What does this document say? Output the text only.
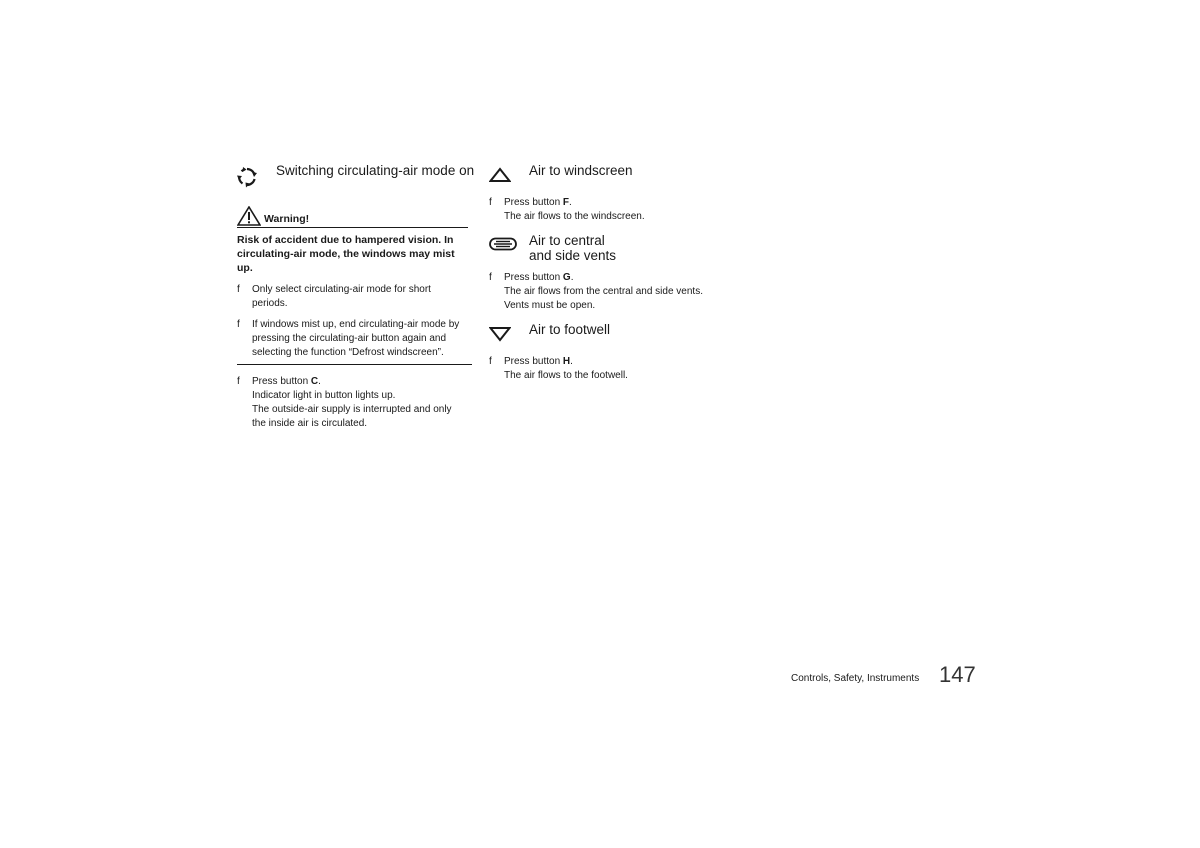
Switching circulating-air mode on
Warning!
Risk of accident due to hampered vision. In
circulating-air mode, the windows may mist
up.
f Only select circulating-air mode for short
periods.
f If windows mist up, end circulating-air mode by
pressing the circulating-air button again and
selecting the function “Defrost windscreen”.
f Press button C.
Indicator light in button lights up.
The outside-air supply is interrupted and only
the inside air is circulated.
Air to windscreen
f Press button F.
The air flows to the windscreen.
Air to central
and side vents
f Press button G.
The air flows from the central and side vents.
Vents must be open.
Air to footwell
f Press button H.
The air flows to the footwell.
Controls, Safety, Instruments 147
